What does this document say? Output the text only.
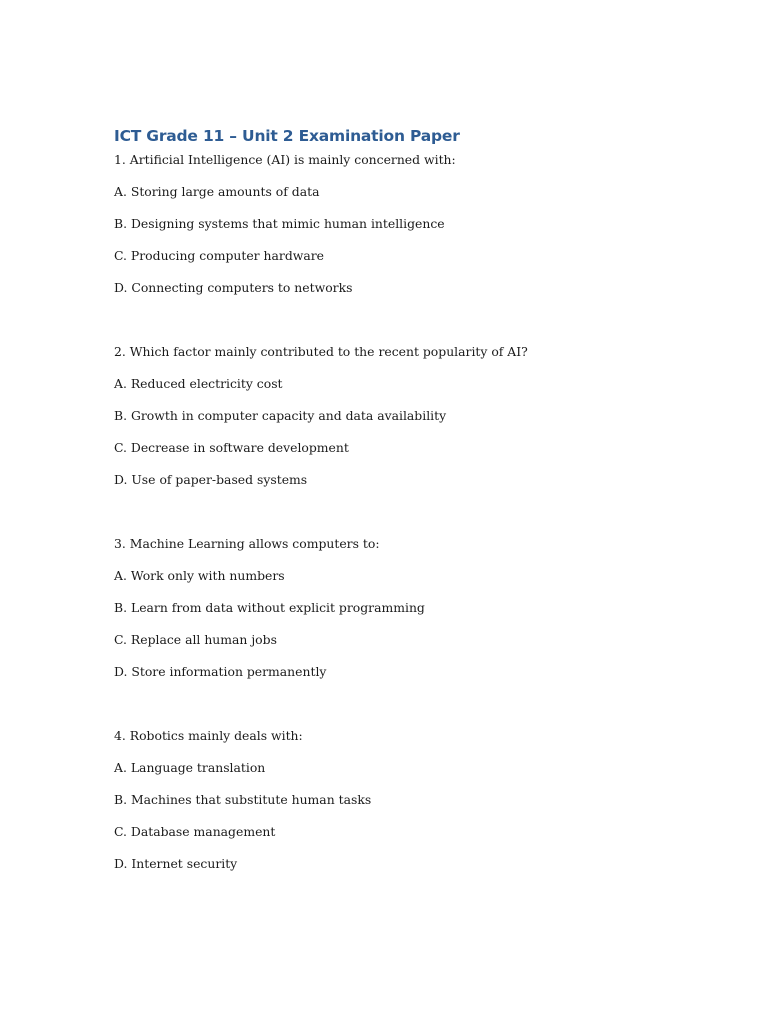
ICT Grade 11 – Unit 2 Examination Paper
1. Artificial Intelligence (AI) is mainly concerned with:
A. Storing large amounts of data
B. Designing systems that mimic human intelligence
C. Producing computer hardware
D. Connecting computers to networks
2. Which factor mainly contributed to the recent popularity of AI?
A. Reduced electricity cost
B. Growth in computer capacity and data availability
C. Decrease in software development
D. Use of paper-based systems
3. Machine Learning allows computers to:
A. Work only with numbers
B. Learn from data without explicit programming
C. Replace all human jobs
D. Store information permanently
4. Robotics mainly deals with:
A. Language translation
B. Machines that substitute human tasks
C. Database management
D. Internet security
